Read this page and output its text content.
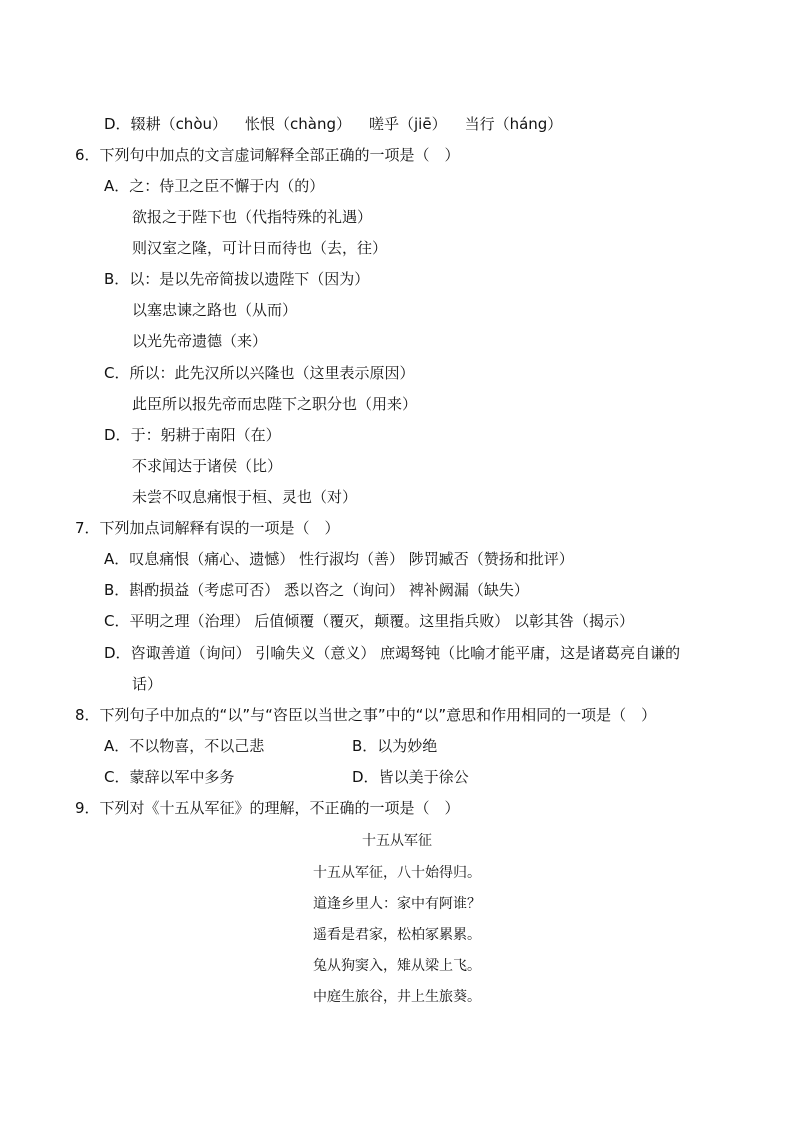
D．辍耕（chòu） 怅恨（chàng） 嗟乎（jiē） 当行（háng）
6．下列句中加点的文言虚词解释全部正确的一项是（　）
A．之：侍卫之臣不懈于内（的）
欲报之于陛下也（代指特殊的礼遇）
则汉室之隆，可计日而待也（去，往）
B．以：是以先帝简拔以遗陛下（因为）
以塞忠谏之路也（从而）
以光先帝遗德（来）
C．所以：此先汉所以兴隆也（这里表示原因）
此臣所以报先帝而忠陛下之职分也（用来）
D．于：躬耕于南阳（在）
不求闻达于诸侯（比）
未尝不叹息痛恨于桓、灵也（对）
7．下列加点词解释有误的一项是（　）
A．叹息痛恨（痛心、遗憾） 性行淑均（善） 陟罚臧否（赞扬和批评）
B．斟酌损益（考虑可否） 悉以咨之（询问） 裨补阙漏（缺失）
C．平明之理（治理） 后值倾覆（覆灭，颠覆。这里指兵败） 以彰其咎（揭示）
D．咨诹善道（询问） 引喻失义（意义） 庶竭驽钝（比喻才能平庸，这是诸葛亮自谦的
话）
8．下列句子中加点的“以”与“咨臣以当世之事”中的“以”意思和作用相同的一项是（　）
A．不以物喜，不以己悲	B．以为妙绝
C．蒙辞以军中多务	D．皆以美于徐公
9．下列对《十五从军征》的理解，不正确的一项是（　）
十五从军征
十五从军征，八十始得归。
道逢乡里人：家中有阿谁？
遥看是君家，松柏冢累累。
兔从狗窦入，雉从梁上飞。
中庭生旅谷，井上生旅葵。
